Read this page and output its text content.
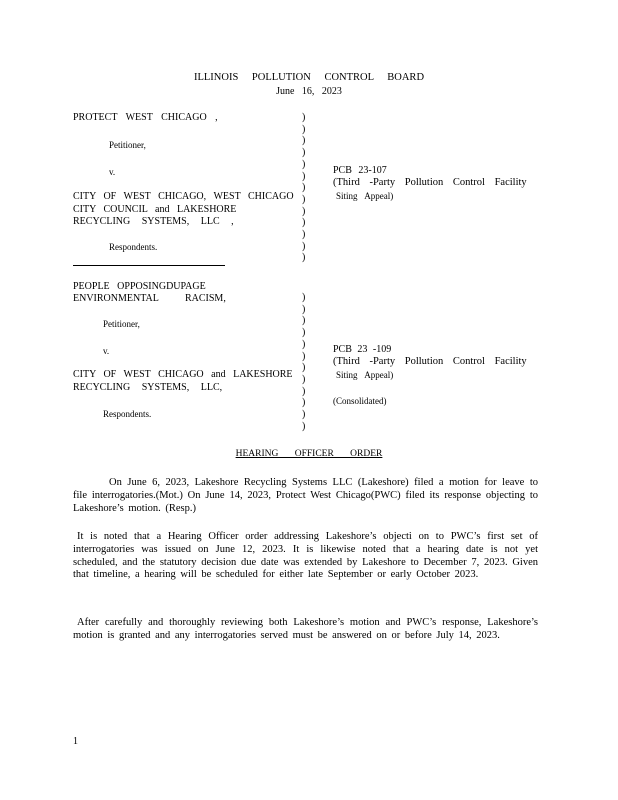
ILLINOIS POLLUTION CONTROL BOARD
June 16, 2023
PROTECT WEST CHICAGO ,
Petitioner,
v.
CITY OF WEST CHICAGO, WEST CHICAGO
CITY COUNCIL and LAKESHORE
RECYCLING SYSTEMS, LLC ,
Respondents.
)
)
)
)
)
)
)
)
)
)
)
)
)
PCB 23-107
(Third -Party Pollution Control Facility
Siting Appeal)
PEOPLE OPPOSINGDUPAGE
ENVIRONMENTAL RACISM,
Petitioner,
v.
CITY OF WEST CHICAGO and LAKESHORE
RECYCLING SYSTEMS, LLC,
Respondents.
)
)
)
)
)
)
)
)
)
)
)
)
PCB 23 -109
(Third -Party Pollution Control Facility
Siting Appeal)
(Consolidated)
HEARING OFFICER ORDER
On June 6, 2023, Lakeshore Recycling Systems LLC (Lakeshore) filed a motion for leave to file interrogatories.(Mot.) On June 14, 2023, Protect West Chicago(PWC) filed its response objecting to Lakeshore’s motion. (Resp.)
It is noted that a Hearing Officer order addressing Lakeshore’s objecti on to PWC’s first set of interrogatories was issued on June 12, 2023. It is likewise noted that a hearing date is not yet scheduled, and the statutory decision due date was extended by Lakeshore to December 7, 2023. Given that timeline, a hearing will be scheduled for either late September or early October 2023.
After carefully and thoroughly reviewing both Lakeshore’s motion and PWC’s response, Lakeshore’s motion is granted and any interrogatories served must be answered on or before July 14, 2023.
1
